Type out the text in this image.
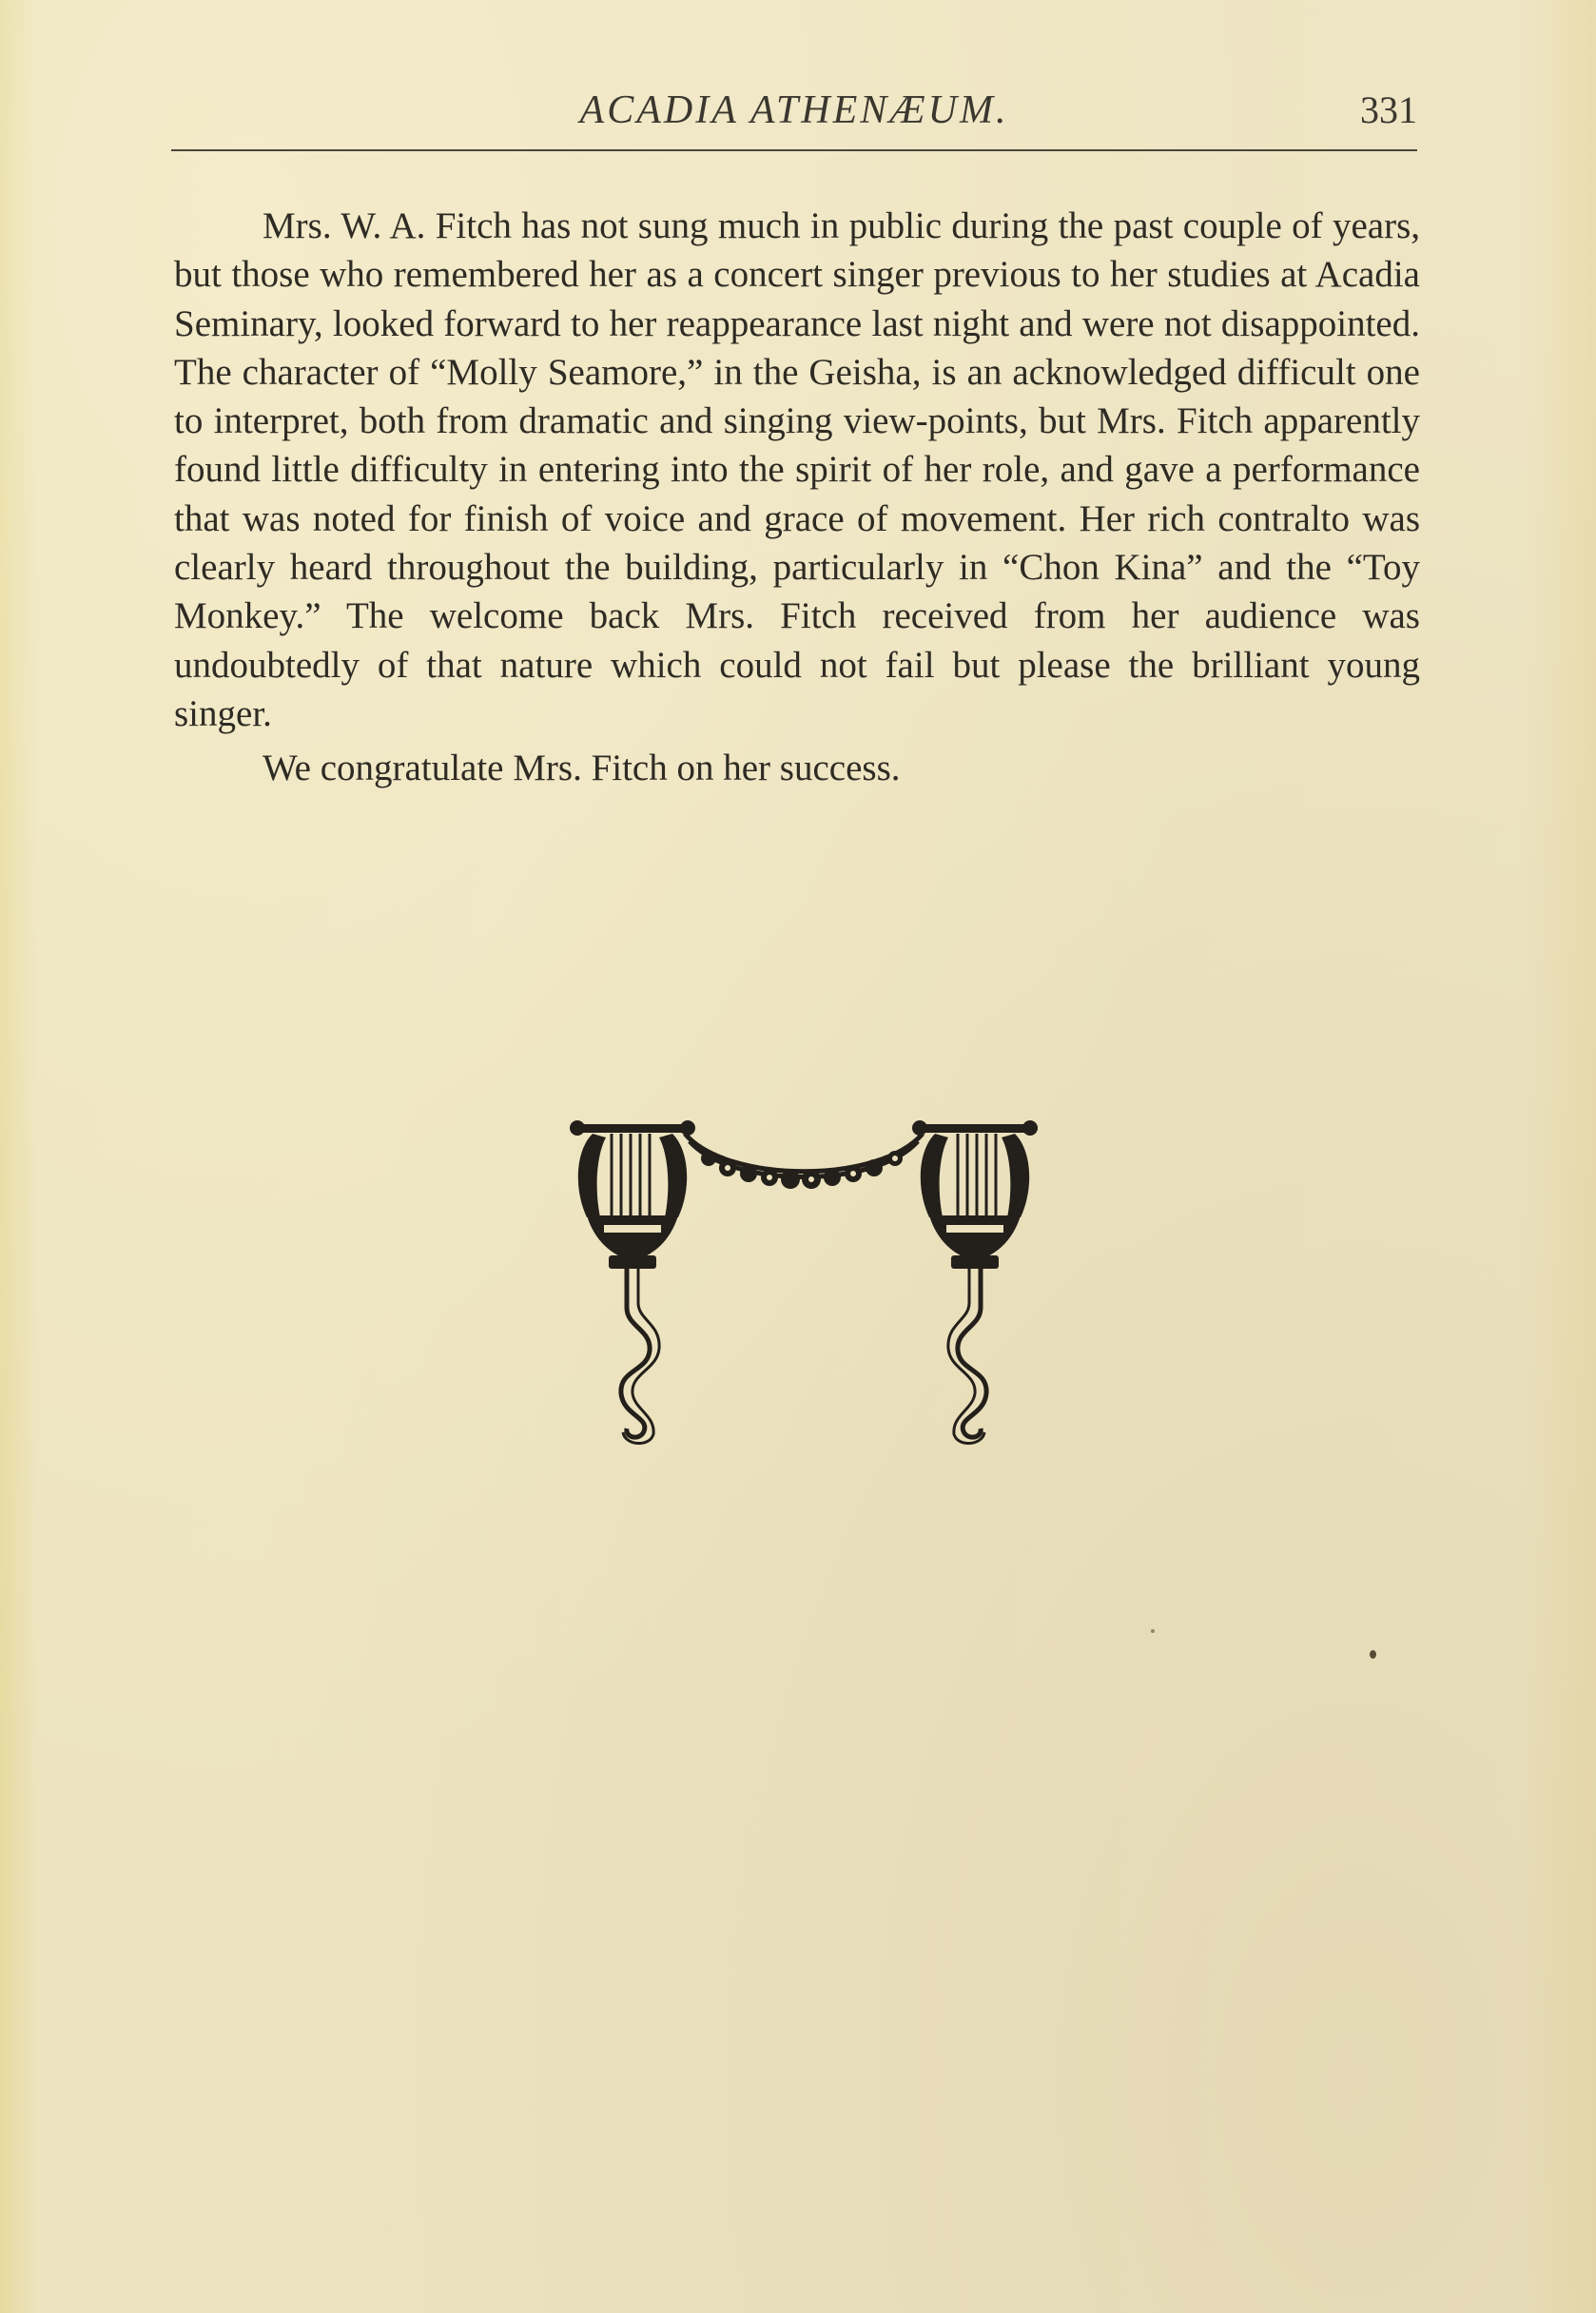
ACADIA ATHENÆUM.	331

Mrs. W. A. Fitch has not sung much in public during the past couple of years, but those who remembered her as a concert singer previous to her studies at Acadia Seminary, looked forward to her reappearance last night and were not disappointed. The character of “Molly Seamore,” in the Geisha, is an acknowledged difficult one to interpret, both from dramatic and singing view-points, but Mrs. Fitch apparently found little difficulty in entering into the spirit of her role, and gave a performance that was noted for finish of voice and grace of movement. Her rich contralto was clearly heard throughout the building, particularly in “Chon Kina” and the “Toy Monkey.” The welcome back Mrs. Fitch received from her audience was undoubtedly of that nature which could not fail but please the brilliant young singer.

We congratulate Mrs. Fitch on her success.
